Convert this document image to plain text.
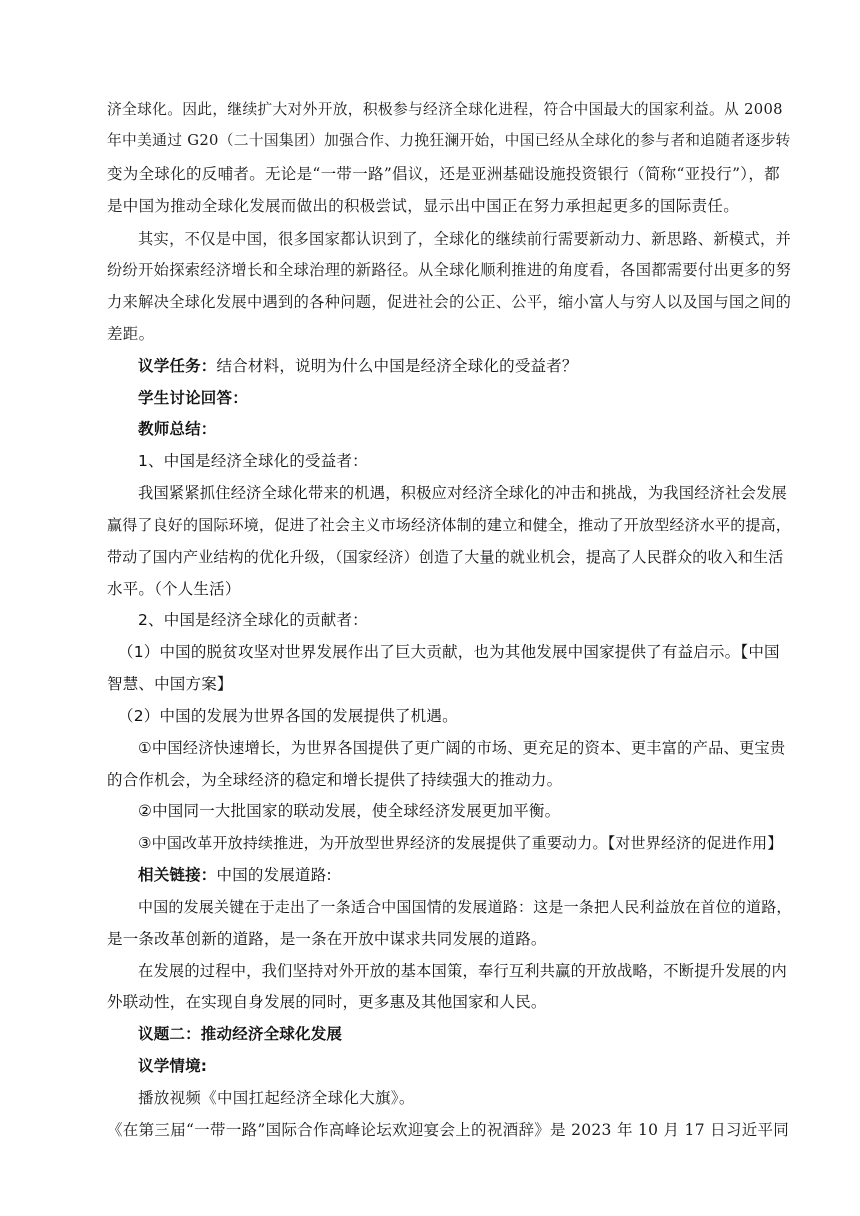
济全球化。因此，继续扩大对外开放，积极参与经济全球化进程，符合中国最大的国家利益。从 2008
年中美通过 G20（二十国集团）加强合作、力挽狂澜开始，中国已经从全球化的参与者和追随者逐步转
变为全球化的反哺者。无论是“一带一路”倡议，还是亚洲基础设施投资银行（简称“亚投行”），都
是中国为推动全球化发展而做出的积极尝试，显示出中国正在努力承担起更多的国际责任。
其实，不仅是中国，很多国家都认识到了，全球化的继续前行需要新动力、新思路、新模式，并
纷纷开始探索经济增长和全球治理的新路径。从全球化顺利推进的角度看，各国都需要付出更多的努
力来解决全球化发展中遇到的各种问题，促进社会的公正、公平，缩小富人与穷人以及国与国之间的
差距。
议学任务：结合材料，说明为什么中国是经济全球化的受益者？
学生讨论回答：
教师总结：
1、中国是经济全球化的受益者：
我国紧紧抓住经济全球化带来的机遇，积极应对经济全球化的冲击和挑战，为我国经济社会发展
赢得了良好的国际环境，促进了社会主义市场经济体制的建立和健全，推动了开放型经济水平的提高，
带动了国内产业结构的优化升级，（国家经济）创造了大量的就业机会，提高了人民群众的收入和生活
水平。（个人生活）
2、中国是经济全球化的贡献者：
（1）中国的脱贫攻坚对世界发展作出了巨大贡献，也为其他发展中国家提供了有益启示。【中国
智慧、中国方案】
（2）中国的发展为世界各国的发展提供了机遇。
①中国经济快速增长，为世界各国提供了更广阔的市场、更充足的资本、更丰富的产品、更宝贵
的合作机会，为全球经济的稳定和增长提供了持续强大的推动力。
②中国同一大批国家的联动发展，使全球经济发展更加平衡。
③中国改革开放持续推进，为开放型世界经济的发展提供了重要动力。【对世界经济的促进作用】
相关链接：中国的发展道路:
中国的发展关键在于走出了一条适合中国国情的发展道路：这是一条把人民利益放在首位的道路，
是一条改革创新的道路，是一条在开放中谋求共同发展的道路。
在发展的过程中，我们坚持对外开放的基本国策，奉行互利共赢的开放战略，不断提升发展的内
外联动性，在实现自身发展的同时，更多惠及其他国家和人民。
议题二：推动经济全球化发展
议学情境:
播放视频《中国扛起经济全球化大旗》。
《在第三届“一带一路”国际合作高峰论坛欢迎宴会上的祝酒辞》是 2023 年 10 月 17 日习近平同
